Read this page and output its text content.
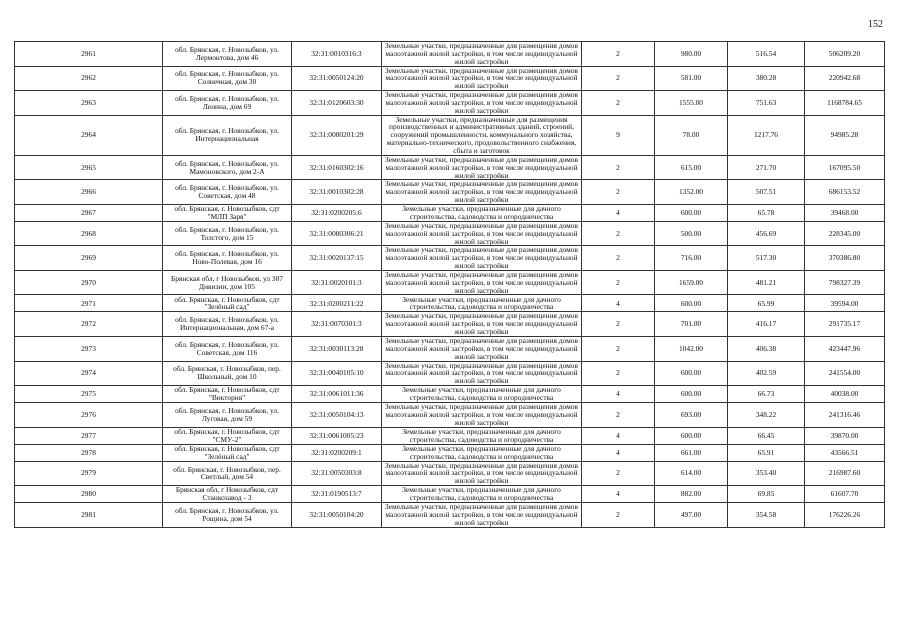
152
2961	обл. Брянская, г. Новозыбков, ул. Лермонтова, дом 46	32:31:0010316:3	Земельные участки, предназначенные для размещения домов малоэтажной жилой застройки, в том числе индивидуальной жилой застройки	2	980.00	516.54	506209.20
2962	обл. Брянская, г. Новозыбков, ул. Солнечная, дом 30	32:31:0050124:20	Земельные участки, предназначенные для размещения домов малоэтажной жилой застройки, в том числе индивидуальной жилой застройки	2	581.00	380.28	220942.68
2963	обл. Брянская, г. Новозыбков, ул. Ленина, дом 69	32:31:0120603:30	Земельные участки, предназначенные для размещения домов малоэтажной жилой застройки, в том числе индивидуальной жилой застройки	2	1555.00	751.63	1168784.65
2964	обл. Брянская, г. Новозыбков, ул. Интернациональная	32:31:0080201:29	Земельные участки, предназначенные для размещения производственных и административных зданий, строений, сооружений промышленности, коммунального хозяйства, материально-технического, продовольственного снабжения, сбыта и заготовок	9	78.00	1217.76	94985.28
2965	обл. Брянская, г. Новозыбков, ул. Мамоновского, дом 2-А	32:31:0160302:16	Земельные участки, предназначенные для размещения домов малоэтажной жилой застройки, в том числе индивидуальной жилой застройки	2	615.00	271.70	167095.50
2966	обл. Брянская, г. Новозыбков, ул. Советская, дом 48	32:31:0010302:28	Земельные участки, предназначенные для размещения домов малоэтажной жилой застройки, в том числе индивидуальной жилой застройки	2	1352.00	507.51	686153.52
2967	обл. Брянская, г. Новозыбков, сдт "МЛП Заря"	32:31:0200205:6	Земельные участки, предназначенные для дачного строительства, садоводства и огородничества	4	600.00	65.78	39468.00
2968	обл. Брянская, г. Новозыбков, ул. Толстого, дом 15	32:31:0080306:21	Земельные участки, предназначенные для размещения домов малоэтажной жилой застройки, в том числе индивидуальной жилой застройки	2	500.00	456.69	228345.00
2969	обл. Брянская, г. Новозыбков, ул. Ново-Полевая, дом 16	32:31:0020137:15	Земельные участки, предназначенные для размещения домов малоэтажной жилой застройки, в том числе индивидуальной жилой застройки	2	716.00	517.30	370386.80
2970	Брянская обл, г Новозыбков, ул 307 Дивизии, дом 105	32:31:0020101:3	Земельные участки, предназначенные для размещения домов малоэтажной жилой застройки, в том числе индивидуальной жилой застройки	2	1659.00	481.21	798327.39
2971	обл. Брянская, г. Новозыбков, сдт "Зелёный сад"	32:31:0200211:22	Земельные участки, предназначенные для дачного строительства, садоводства и огородничества	4	600.00	65.99	39594.00
2972	обл. Брянская, г. Новозыбков, ул. Интернациональная, дом 67-а	32:31:0070301:3	Земельные участки, предназначенные для размещения домов малоэтажной жилой застройки, в том числе индивидуальной жилой застройки	2	701.00	416.17	291735.17
2973	обл. Брянская, г. Новозыбков, ул. Советская, дом 116	32:31:0030113:28	Земельные участки, предназначенные для размещения домов малоэтажной жилой застройки, в том числе индивидуальной жилой застройки	2	1042.00	406.38	423447.96
2974	обл. Брянская, г. Новозыбков, пер. Школьный, дом 10	32:31:0040105:10	Земельные участки, предназначенные для размещения домов малоэтажной жилой застройки, в том числе индивидуальной жилой застройки	2	600.00	402.59	241554.00
2975	обл. Брянская, г. Новозыбков, сдт "Виктория"	32:31:0061011:36	Земельные участки, предназначенные для дачного строительства, садоводства и огородничества	4	600.00	66.73	40038.00
2976	обл. Брянская, г. Новозыбков, ул. Луговая, дом 59	32:31:0050104:13	Земельные участки, предназначенные для размещения домов малоэтажной жилой застройки, в том числе индивидуальной жилой застройки	2	693.00	348.22	241316.46
2977	обл. Брянская, г. Новозыбков, сдт "СМУ-2"	32:31:0061005:23	Земельные участки, предназначенные для дачного строительства, садоводства и огородничества	4	600.00	66.45	39870.00
2978	обл. Брянская, г. Новозыбков, сдт "Зелёный сад"	32:31:0200209:1	Земельные участки, предназначенные для дачного строительства, садоводства и огородничества	4	661.00	65.91	43566.51
2979	обл. Брянская, г. Новозыбков, пер. Светлый, дом 54	32:31:0050303:8	Земельные участки, предназначенные для размещения домов малоэтажной жилой застройки, в том числе индивидуальной жилой застройки	2	614.00	353.40	216987.60
2980	Брянская обл, г Новозыбков, сдт Станкозавод - 3	32:31:0190513:7	Земельные участки, предназначенные для дачного строительства, садоводства и огородничества	4	882.00	69.85	61607.70
2981	обл. Брянская, г. Новозыбков, ул. Рощина, дом 54	32:31:0050104:20	Земельные участки, предназначенные для размещения домов малоэтажной жилой застройки, в том числе индивидуальной жилой застройки	2	497.00	354.58	176226.26
